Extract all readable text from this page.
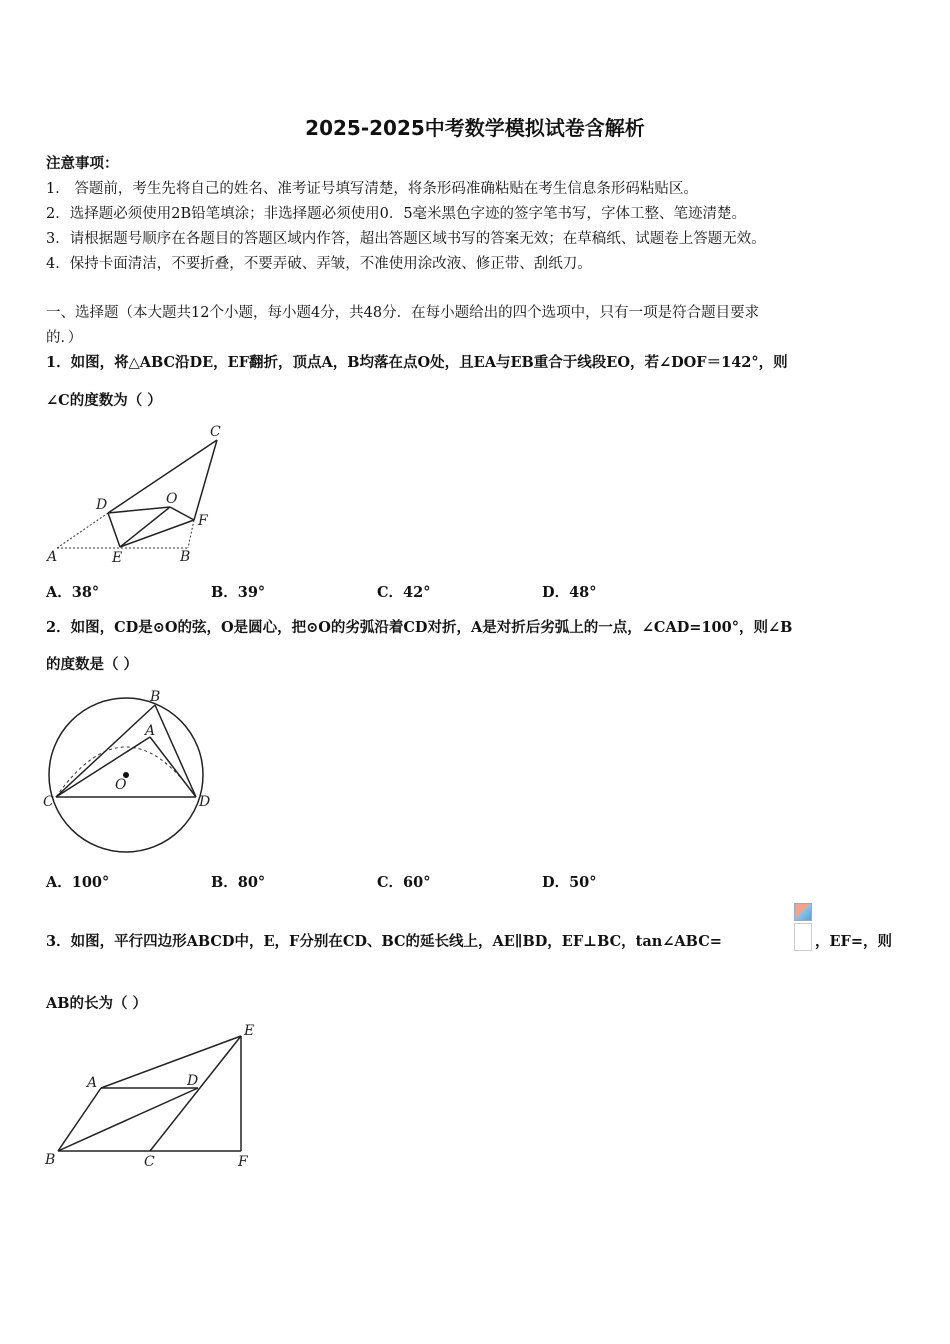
2025-2025中考数学模拟试卷含解析
注意事项：
1． 答题前，考生先将自己的姓名、准考证号填写清楚，将条形码准确粘贴在考生信息条形码粘贴区。
2．选择题必须使用2B铅笔填涂；非选择题必须使用0．5毫米黑色字迹的签字笔书写，字体工整、笔迹清楚。
3．请根据题号顺序在各题目的答题区域内作答，超出答题区域书写的答案无效；在草稿纸、试题卷上答题无效。
4．保持卡面清洁，不要折叠，不要弄破、弄皱，不准使用涂改液、修正带、刮纸刀。
一、选择题（本大题共12个小题，每小题4分，共48分．在每小题给出的四个选项中，只有一项是符合题目要求
的．）
1．如图，将△ABC沿DE，EF翻折，顶点A，B均落在点O处，且EA与EB重合于线段EO，若∠DOF＝142°，则
∠C的度数为（ ）
C
D	O
F
A	E	B
A．38°	B．39°	C．42°	D．48°
2．如图，CD是⊙O的弦，O是圆心，把⊙O的劣弧沿着CD对折，A是对折后劣弧上的一点，∠CAD=100°，则∠B
的度数是（ ）
B
A
O
C	D
A．100°	B．80°	C．60°	D．50°
3．如图，平行四边形ABCD中，E，F分别在CD、BC的延长线上，AE∥BD，EF⊥BC，tan∠ABC=	，EF=，则
AB的长为（ ）
E
A	D
B	C	F
